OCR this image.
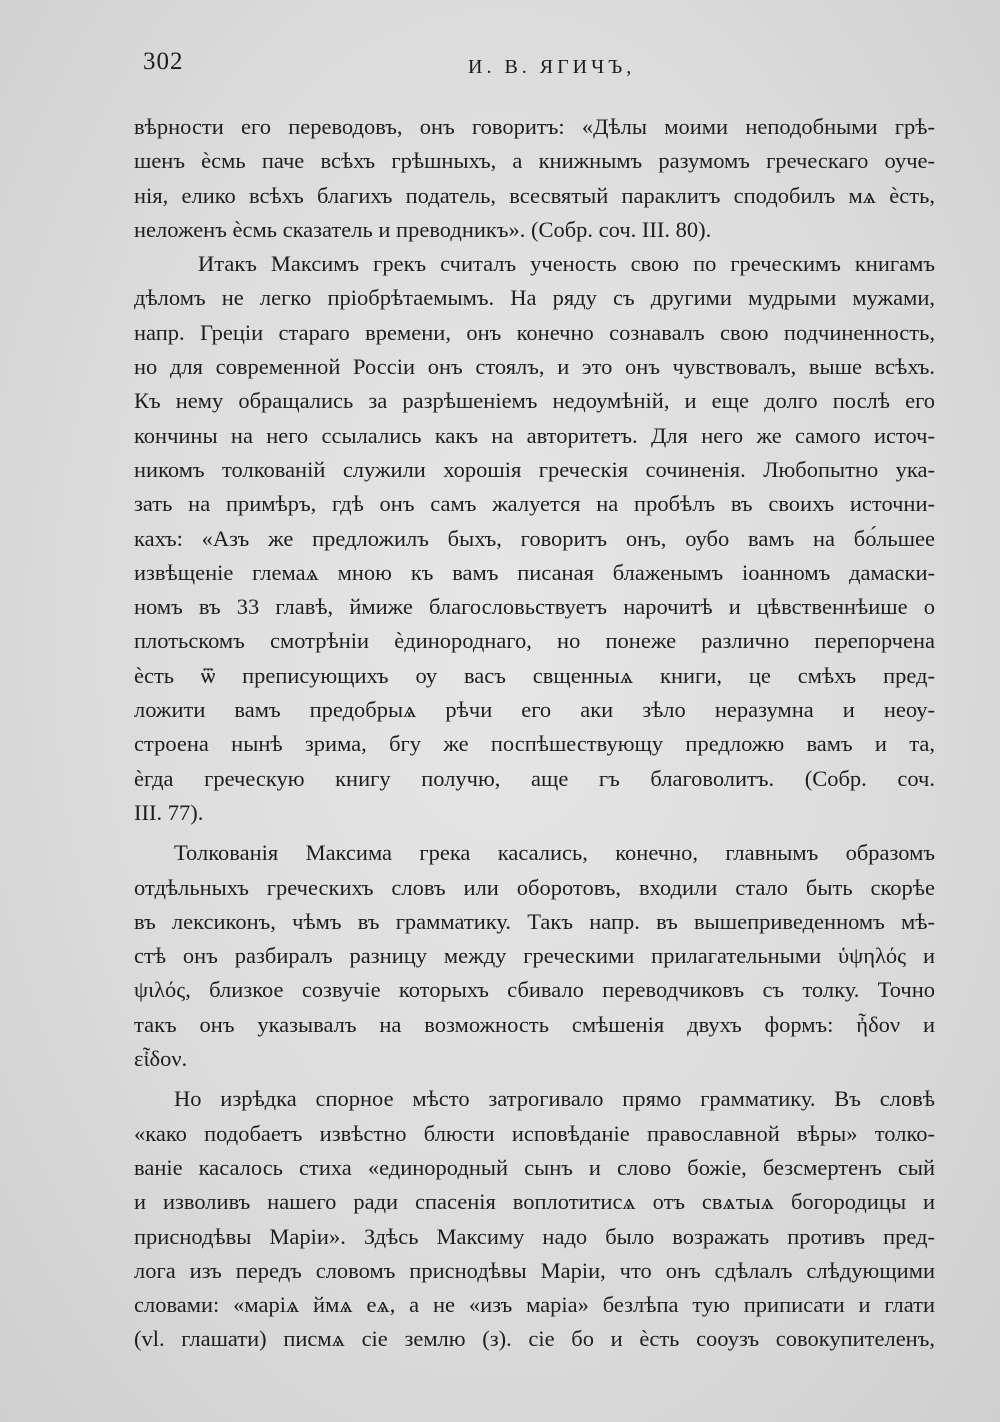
302	И. В. ЯГИЧЪ,
вѣрности его переводовъ, онъ говоритъ: «Дѣлы моими неподобными грѣ-
шенъ ѐсмь паче всѣхъ грѣшныхъ, а книжнымъ разумомъ греческаго оуче-
нія, елико всѣхъ благихъ податель, всесвятый параклитъ сподобилъ мѧ ѐсть,
неложенъ ѐсмь сказатель и преводникъ». (Собр. соч. III. 80).
Итакъ Максимъ грекъ считалъ ученость свою по греческимъ книгамъ
дѣломъ не легко пріобрѣтаемымъ. На ряду съ другими мудрыми мужами,
напр. Греціи стараго времени, онъ конечно сознавалъ свою подчиненность,
но для современной Россіи онъ стоялъ, и это онъ чувствовалъ, выше всѣхъ.
Къ нему обращались за разрѣшеніемъ недоумѣній, и еще долго послѣ его
кончины на него ссылались какъ на авторитетъ. Для него же самого источ-
никомъ толкованій служили хорошія греческія сочиненія. Любопытно ука-
зать на примѣръ, гдѣ онъ самъ жалуется на пробѣлъ въ своихъ источни-
кахъ: «Азъ же предложилъ быхъ, говоритъ онъ, оубо вамъ на бо́льшее
извѣщеніе глемаѧ мною къ вамъ писаная блаженымъ іоанномъ дамаски-
номъ въ 33 главѣ, ймиже благословьствуетъ нарочитѣ и цѣвственнѣише о
плотьскомъ смотрѣніи ѐдинороднаго, но понеже различно перепорчена
ѐсть ѿ преписующихъ оу васъ свщенныѧ книги, це смѣхъ пред-
ложити вамъ предобрыѧ рѣчи его аки зѣло неразумна и неоу-
строена нынѣ зрима, бгу же поспѣшествующу предложю вамъ и та,
ѐгда греческую книгу получю, аще гъ благоволитъ. (Собр. соч.
III. 77).
Толкованія Максима грека касались, конечно, главнымъ образомъ
отдѣльныхъ греческихъ словъ или оборотовъ, входили стало быть скорѣе
въ лексиконъ, чѣмъ въ грамматику. Такъ напр. въ вышеприведенномъ мѣ-
стѣ онъ разбиралъ разницу между греческими прилагательными ὑψηλός и
ψιλός, близкое созвучіе которыхъ сбивало переводчиковъ съ толку. Точно
такъ онъ указывалъ на возможность смѣшенія двухъ формъ: ἦδον и
εἶδον.
Но изрѣдка спорное мѣсто затрогивало прямо грамматику. Въ словѣ
«како подобаетъ извѣстно блюсти исповѣданіе православной вѣры» толко-
ваніе касалось стиха «единородный сынъ и слово божіе, безсмертенъ сый
и изволивъ нашего ради спасенія воплотитисѧ отъ свѧтыѧ богородицы и
приснодѣвы Маріи». Здѣсь Максиму надо было возражать противъ пред-
лога изъ передъ словомъ приснодѣвы Маріи, что онъ сдѣлалъ слѣдующими
словами: «маріѧ ймѧ еѧ, а не «изъ маріа» безлѣпа тую приписати и глати
(vl. глашати) писмѧ сіе землю (з). сіе бо и ѐсть сооузъ совокупителенъ,
